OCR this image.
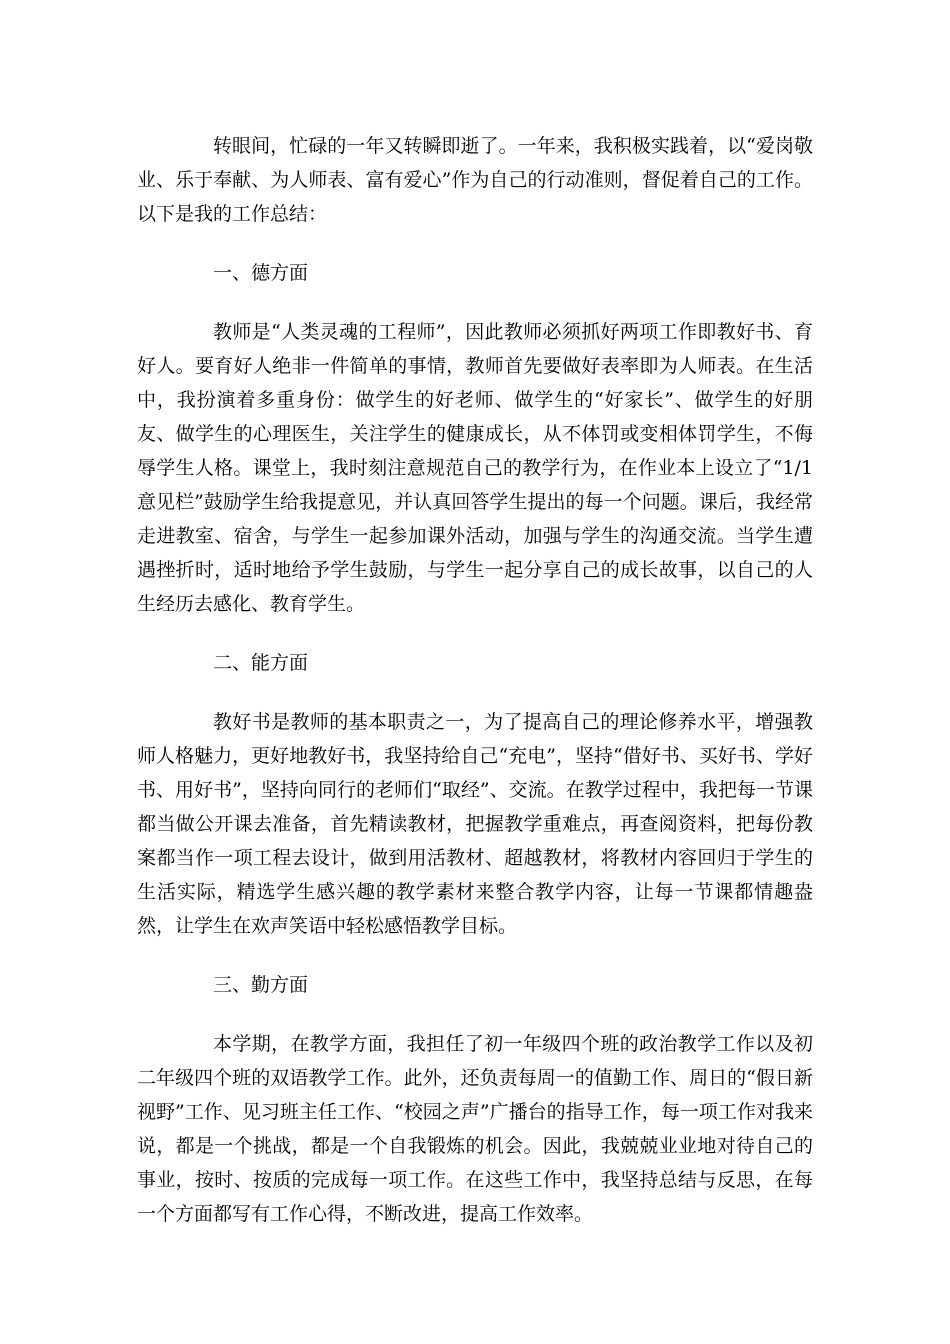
转眼间，忙碌的一年又转瞬即逝了。一年来，我积极实践着，以“爱岗敬业、乐于奉献、为人师表、富有爱心”作为自己的行动准则，督促着自己的工作。以下是我的工作总结：

一、德方面

教师是“人类灵魂的工程师”，因此教师必须抓好两项工作即教好书、育好人。要育好人绝非一件简单的事情，教师首先要做好表率即为人师表。在生活中，我扮演着多重身份：做学生的好老师、做学生的“好家长”、做学生的好朋友、做学生的心理医生，关注学生的健康成长，从不体罚或变相体罚学生，不侮辱学生人格。课堂上，我时刻注意规范自己的教学行为，在作业本上设立了“1/1 意见栏”鼓励学生给我提意见，并认真回答学生提出的每一个问题。课后，我经常走进教室、宿舍，与学生一起参加课外活动，加强与学生的沟通交流。当学生遭遇挫折时，适时地给予学生鼓励，与学生一起分享自己的成长故事，以自己的人生经历去感化、教育学生。

二、能方面

教好书是教师的基本职责之一，为了提高自己的理论修养水平，增强教师人格魅力，更好地教好书，我坚持给自己“充电”，坚持“借好书、买好书、学好书、用好书”，坚持向同行的老师们“取经”、交流。在教学过程中，我把每一节课都当做公开课去准备，首先精读教材，把握教学重难点，再查阅资料，把每份教案都当作一项工程去设计，做到用活教材、超越教材，将教材内容回归于学生的生活实际，精选学生感兴趣的教学素材来整合教学内容，让每一节课都情趣盎然，让学生在欢声笑语中轻松感悟教学目标。

三、勤方面

本学期，在教学方面，我担任了初一年级四个班的政治教学工作以及初二年级四个班的双语教学工作。此外，还负责每周一的值勤工作、周日的“假日新视野”工作、见习班主任工作、“校园之声”广播台的指导工作，每一项工作对我来说，都是一个挑战，都是一个自我锻炼的机会。因此，我兢兢业业地对待自己的事业，按时、按质的完成每一项工作。在这些工作中，我坚持总结与反思，在每一个方面都写有工作心得，不断改进，提高工作效率。
